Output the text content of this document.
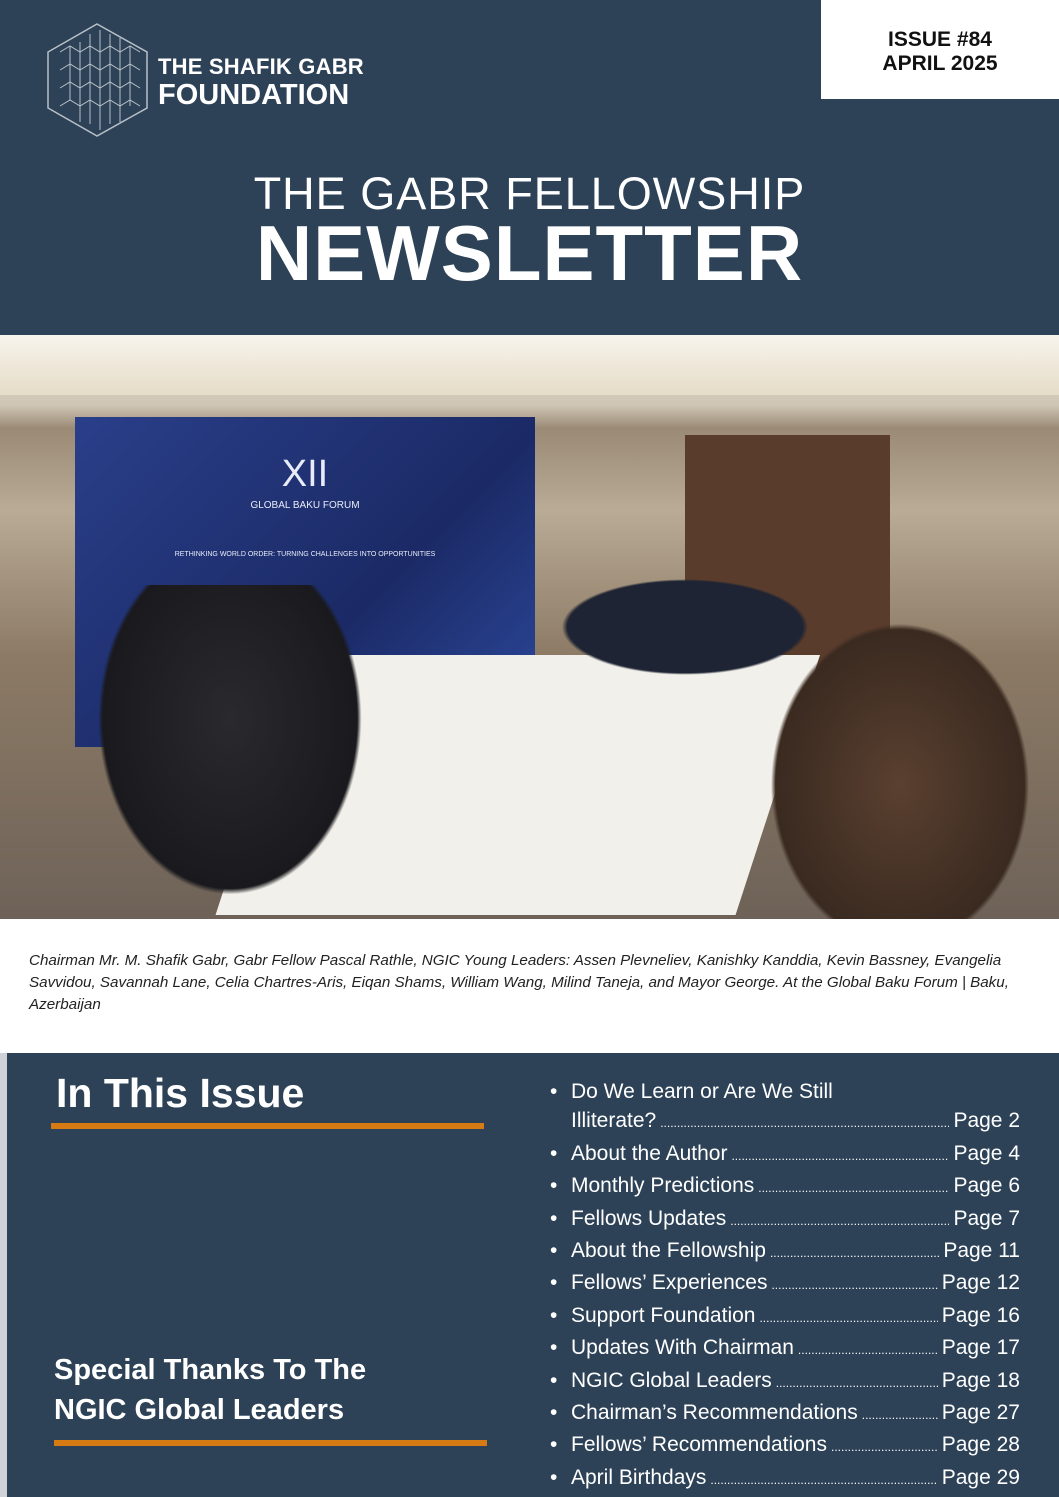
THE SHAFIK GABR
FOUNDATION
ISSUE #84
APRIL 2025
THE GABR FELLOWSHIP
NEWSLETTER
XII
GLOBAL BAKU FORUM
RETHINKING WORLD ORDER: TURNING CHALLENGES INTO OPPORTUNITIES
Chairman Mr. M. Shafik Gabr, Gabr Fellow Pascal Rathle, NGIC Young Leaders: Assen Plevneliev, Kanishky Kanddia, Kevin Bassney, Evangelia Savvidou, Savannah Lane, Celia Chartres-Aris, Eiqan Shams, William Wang, Milind Taneja, and Mayor George. At the Global Baku Forum | Baku, Azerbaijan
In This Issue
Special Thanks To The
NGIC Global Leaders
• Do We Learn or Are We Still
Illiterate? .....	Page 2
• About the Author .....	Page 4
• Monthly Predictions .....	Page 6
• Fellows Updates .....	Page 7
• About the Fellowship .....	Page 11
• Fellows’ Experiences .....	Page 12
• Support Foundation .....	Page 16
• Updates With Chairman .....	Page 17
• NGIC Global Leaders .....	Page 18
• Chairman’s Recommendations .....	Page 27
• Fellows’ Recommendations .....	Page 28
• April Birthdays .....	Page 29
